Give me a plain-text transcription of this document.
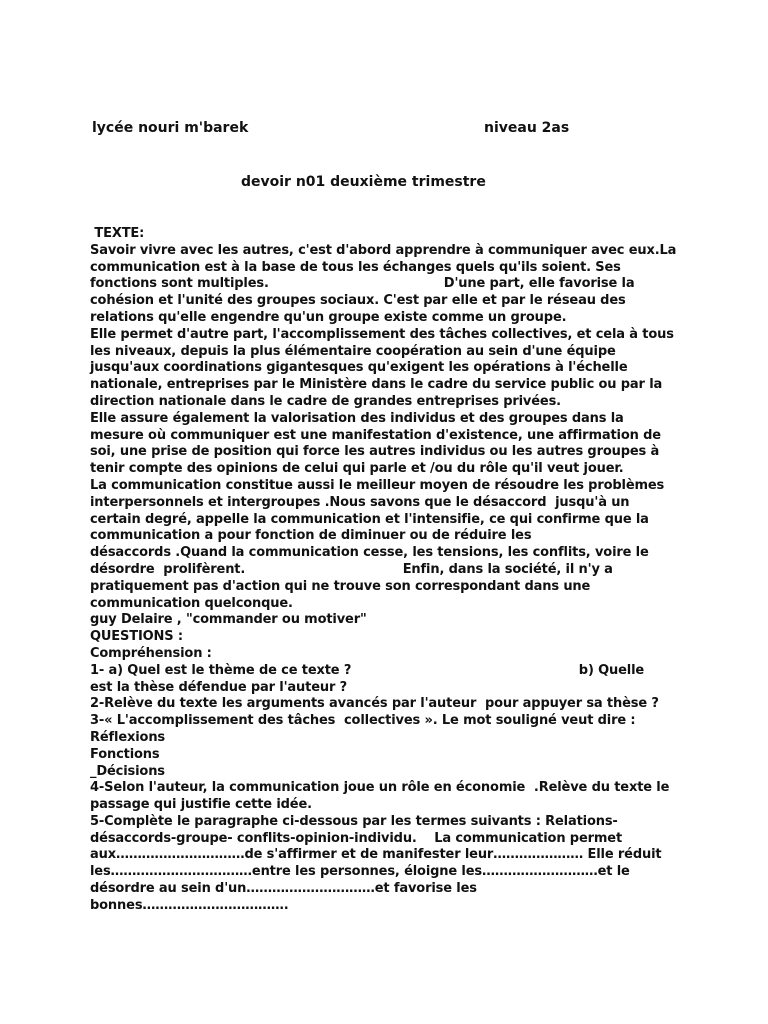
lycée nouri m'barek	niveau 2as
devoir n01 deuxième trimestre
TEXTE:
Savoir vivre avec les autres, c'est d'abord apprendre à communiquer avec eux.La
communication est à la base de tous les échanges quels qu'ils soient. Ses
fonctions sont multiples.                                        D'une part, elle favorise la
cohésion et l'unité des groupes sociaux. C'est par elle et par le réseau des
relations qu'elle engendre qu'un groupe existe comme un groupe.
Elle permet d'autre part, l'accomplissement des tâches collectives, et cela à tous
les niveaux, depuis la plus élémentaire coopération au sein d'une équipe
jusqu'aux coordinations gigantesques qu'exigent les opérations à l'échelle
nationale, entreprises par le Ministère dans le cadre du service public ou par la
direction nationale dans le cadre de grandes entreprises privées.
Elle assure également la valorisation des individus et des groupes dans la
mesure où communiquer est une manifestation d'existence, une affirmation de
soi, une prise de position qui force les autres individus ou les autres groupes à
tenir compte des opinions de celui qui parle et /ou du rôle qu'il veut jouer.
La communication constitue aussi le meilleur moyen de résoudre les problèmes
interpersonnels et intergroupes .Nous savons que le désaccord  jusqu'à un
certain degré, appelle la communication et l'intensifie, ce qui confirme que la
communication a pour fonction de diminuer ou de réduire les
désaccords .Quand la communication cesse, les tensions, les conflits, voire le
désordre  prolifèrent.                                    Enfin, dans la société, il n'y a
pratiquement pas d'action qui ne trouve son correspondant dans une
communication quelconque.
guy Delaire , "commander ou motiver"
QUESTIONS :
Compréhension :
1- a) Quel est le thème de ce texte ?                                                    b) Quelle
est la thèse défendue par l'auteur ?
2-Relève du texte les arguments avancés par l'auteur  pour appuyer sa thèse ?
3-« L'accomplissement des tâches  collectives ». Le mot souligné veut dire :
Réflexions
Fonctions
_Décisions
4-Selon l'auteur, la communication joue un rôle en économie  .Relève du texte le
passage qui justifie cette idée.
5-Complète le paragraphe ci-dessous par les termes suivants : Relations-
désaccords-groupe- conflits-opinion-individu.    La communication permet
aux…………………………de s'affirmer et de manifester leur………………… Elle réduit
les……………………………entre les personnes, éloigne les………………………et le
désordre au sein d'un…………………………et favorise les
bonnes…………………………….
